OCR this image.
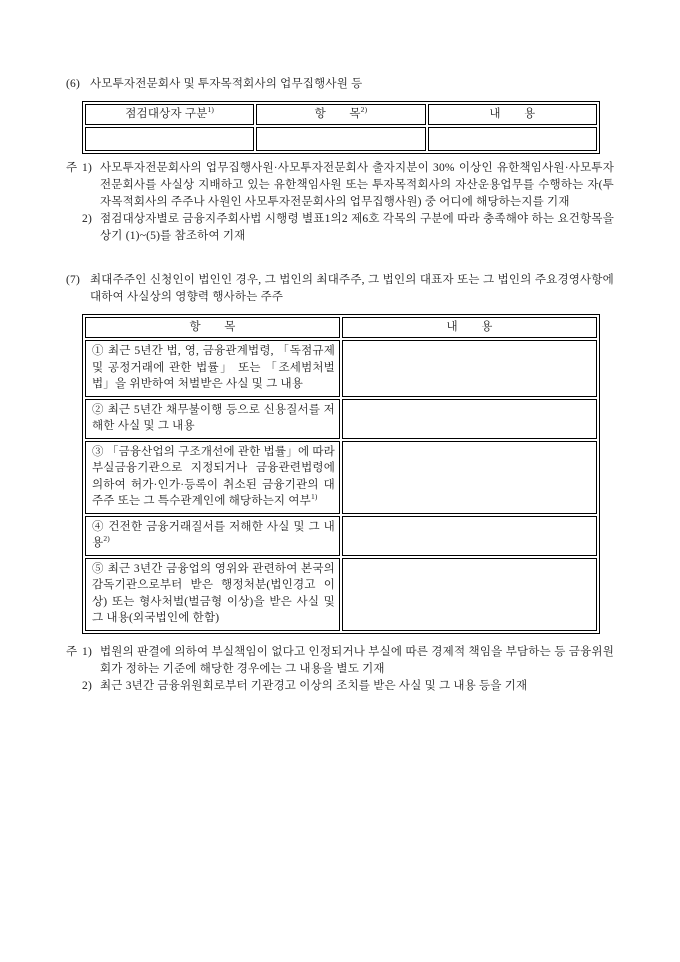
(6) 사모투자전문회사 및 투자목적회사의 업무집행사원 등
점검대상자 구분$^{1)}$	항　　목$^{2)}$	내　　용

주 1) 사모투자전문회사의 업무집행사원·사모투자전문회사 출자지분이 30% 이상인 유한책임사원·사모투자전문회사를 사실상 지배하고 있는 유한책임사원 또는 투자목적회사의 자산운용업무를 수행하는 자(투자목적회사의 주주나 사원인 사모투자전문회사의 업무집행사원) 중 어디에 해당하는지를 기재
2) 점검대상자별로 금융지주회사법 시행령 별표1의2 제6호 각목의 구분에 따라 충족해야 하는 요건항목을 상기 (1)~(5)를 참조하여 기재
(7) 최대주주인 신청인이 법인인 경우, 그 법인의 최대주주, 그 법인의 대표자 또는 그 법인의 주요경영사항에 대하여 사실상의 영향력 행사하는 주주
항　　목	내　　용
① 최근 5년간 법, 영, 금융관계법령, 「독점규제 및 공정거래에 관한 법률」 또는 「조세범처벌법」을 위반하여 처벌받은 사실 및 그 내용	
② 최근 5년간 채무불이행 등으로 신용질서를 저해한 사실 및 그 내용	
③ 「금융산업의 구조개선에 관한 법률」에 따라 부실금융기관으로 지정되거나 금융관련법령에 의하여 허가·인가·등록이 취소된 금융기관의 대주주 또는 그 특수관계인에 해당하는지 여부$^{1)}$	
④ 건전한 금융거래질서를 저해한 사실 및 그 내용$^{2)}$	
⑤ 최근 3년간 금융업의 영위와 관련하여 본국의 감독기관으로부터 받은 행정처분(법인경고 이상) 또는 형사처벌(벌금형 이상)을 받은 사실 및 그 내용(외국법인에 한함)	
주 1) 법원의 판결에 의하여 부실책임이 없다고 인정되거나 부실에 따른 경제적 책임을 부담하는 등 금융위원회가 정하는 기준에 해당한 경우에는 그 내용을 별도 기재
2) 최근 3년간 금융위원회로부터 기관경고 이상의 조치를 받은 사실 및 그 내용 등을 기재
